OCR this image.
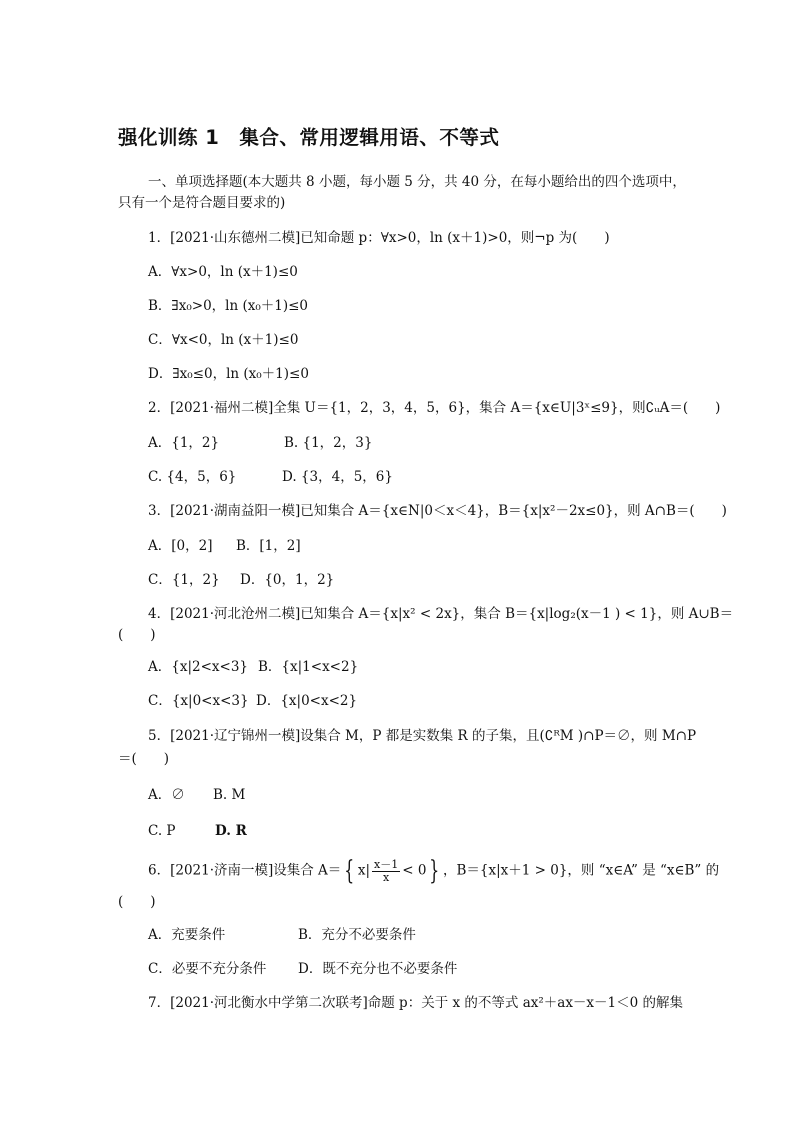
强化训练 1　集合、常用逻辑用语、不等式
一、单项选择题(本大题共 8 小题，每小题 5 分，共 40 分，在每小题给出的四个选项中，
只有一个是符合题目要求的)
1．[2021·山东德州二模]已知命题 p：∀x>0，ln (x＋1)>0，则¬p 为(　　)
A．∀x>0，ln (x＋1)≤0
B．∃x₀>0，ln (x₀＋1)≤0
C．∀x<0，ln (x＋1)≤0
D．∃x₀≤0，ln (x₀＋1)≤0
2．[2021·福州二模]全集 U＝{1，2，3，4，5，6}，集合 A＝{x∈U|3ˣ≤9}，则∁ᵤA＝(　　)
A．{1，2}	B. {1，2，3}
C. {4，5，6}	D. {3，4，5，6}
3．[2021·湖南益阳一模]已知集合 A＝{x∈N|0＜x＜4}，B＝{x|x²－2x≤0}，则 A∩B＝(　　)
A．[0，2] B．[1，2]
C．{1，2} D．{0，1，2}
4．[2021·河北沧州二模]已知集合 A＝{x|x² < 2x}，集合 B＝{x|log₂(x－1 ) < 1}，则 A∪B＝
(　　)
A．{x|2<x<3} B．{x|1<x<2}
C．{x|0<x<3} D．{x|0<x<2}
5．[2021·辽宁锦州一模]设集合 M，P 都是实数集 R 的子集，且(∁ᴿM )∩P＝∅，则 M∩P
＝(　　)
A．∅ B. M
C. P	D. R
6．[2021·济南一模]设集合 A＝ { $x| \frac{x-1}{x} < 0$ } ，B＝{x|x＋1 > 0}，则 “x∈A” 是 “x∈B” 的
(　　)
A．充要条件	B．充分不必要条件
C．必要不充分条件 D．既不充分也不必要条件
7．[2021·河北衡水中学第二次联考]命题 p：关于 x 的不等式 ax²＋ax－x－1＜0 的解集
